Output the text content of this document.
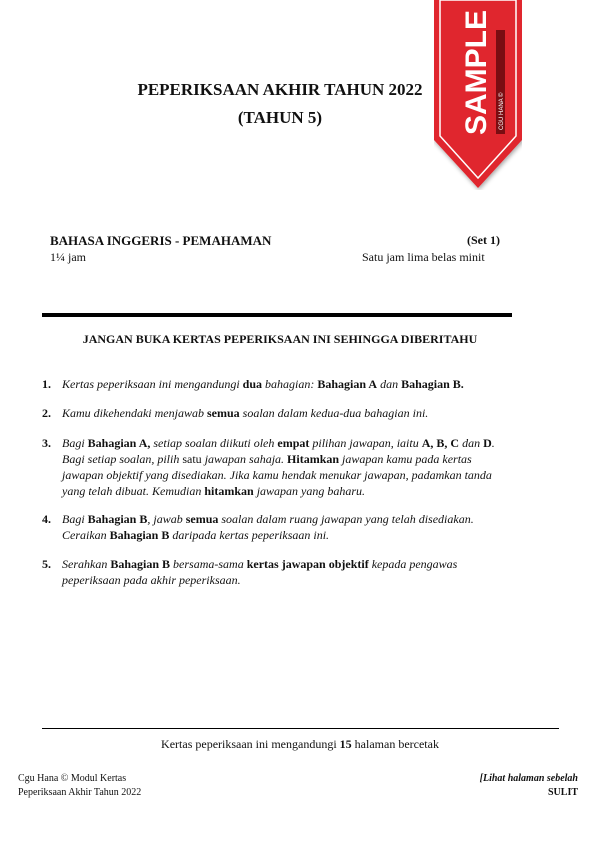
PEPERIKSAAN AKHIR TAHUN 2022
(TAHUN 5)	SAMPLE CGU HANA ©
BAHASA INGGERIS - PEMAHAMAN	(Set 1)
1¼ jam	Satu jam lima belas minit
JANGAN BUKA KERTAS PEPERIKSAAN INI SEHINGGA DIBERITAHU
1. Kertas peperiksaan ini mengandungi dua bahagian: Bahagian A dan Bahagian B.
2. Kamu dikehendaki menjawab semua soalan dalam kedua-dua bahagian ini.
3. Bagi Bahagian A, setiap soalan diikuti oleh empat pilihan jawapan, iaitu A, B, C dan D. Bagi setiap soalan, pilih satu jawapan sahaja. Hitamkan jawapan kamu pada kertas jawapan objektif yang disediakan. Jika kamu hendak menukar jawapan, padamkan tanda yang telah dibuat. Kemudian hitamkan jawapan yang baharu.
4. Bagi Bahagian B, jawab semua soalan dalam ruang jawapan yang telah disediakan. Ceraikan Bahagian B daripada kertas peperiksaan ini.
5. Serahkan Bahagian B bersama-sama kertas jawapan objektif kepada pengawas peperiksaan pada akhir peperiksaan.
Kertas peperiksaan ini mengandungi 15 halaman bercetak
Cgu Hana © Modul Kertas
Peperiksaan Akhir Tahun 2022
[Lihat halaman sebelah
SULIT
